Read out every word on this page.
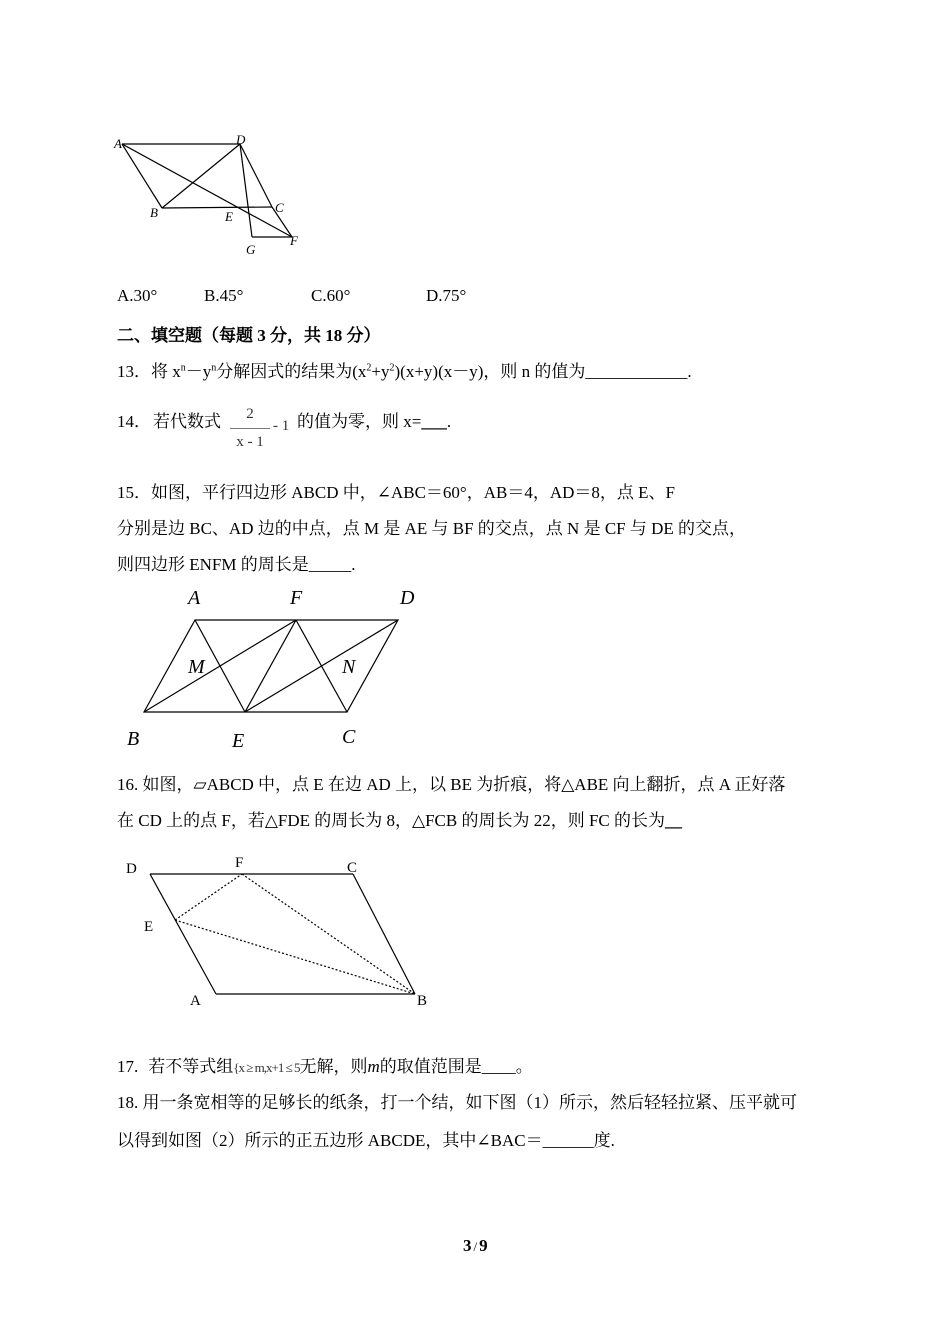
A	D
B	E
C
G
F
A.30°	B.45°	C.60°	D.75°
二、填空题（每题 3 分，共 18 分）
13．将 $x^n-y^n$分解因式的结果为$(x^2+y^2)(x+y)(x-y)$，则 n 的值为____________.
14． 若代数式	2
x - 1
- 1 的值为零，则 x=___.
15．如图，平行四边形 ABCD 中，∠ABC＝60°，AB＝4，AD＝8，点 E、F
分别是边 BC、AD 边的中点，点 M 是 AE 与 BF 的交点，点 N 是 CF 与 DE 的交点，
则四边形 ENFM 的周长是_____.
A	F	D
M	N
B	E	C
16. 如图，▱ABCD 中，点 E 在边 AD 上，以 BE 为折痕，将△ABE 向上翻折，点 A 正好落
在 CD 上的点 F，若△FDE 的周长为 8，△FCB 的周长为 22，则 FC 的长为__
D	F	C
E
A	B
17. 若不等式组{x ≥ m,x+1 ≤ 5无解，则m的取值范围是____。
18. 用一条宽相等的足够长的纸条，打一个结，如下图（1）所示，然后轻轻拉紧、压平就可
以得到如图（2）所示的正五边形 ABCDE，其中∠BAC＝______度.
3 / 9
